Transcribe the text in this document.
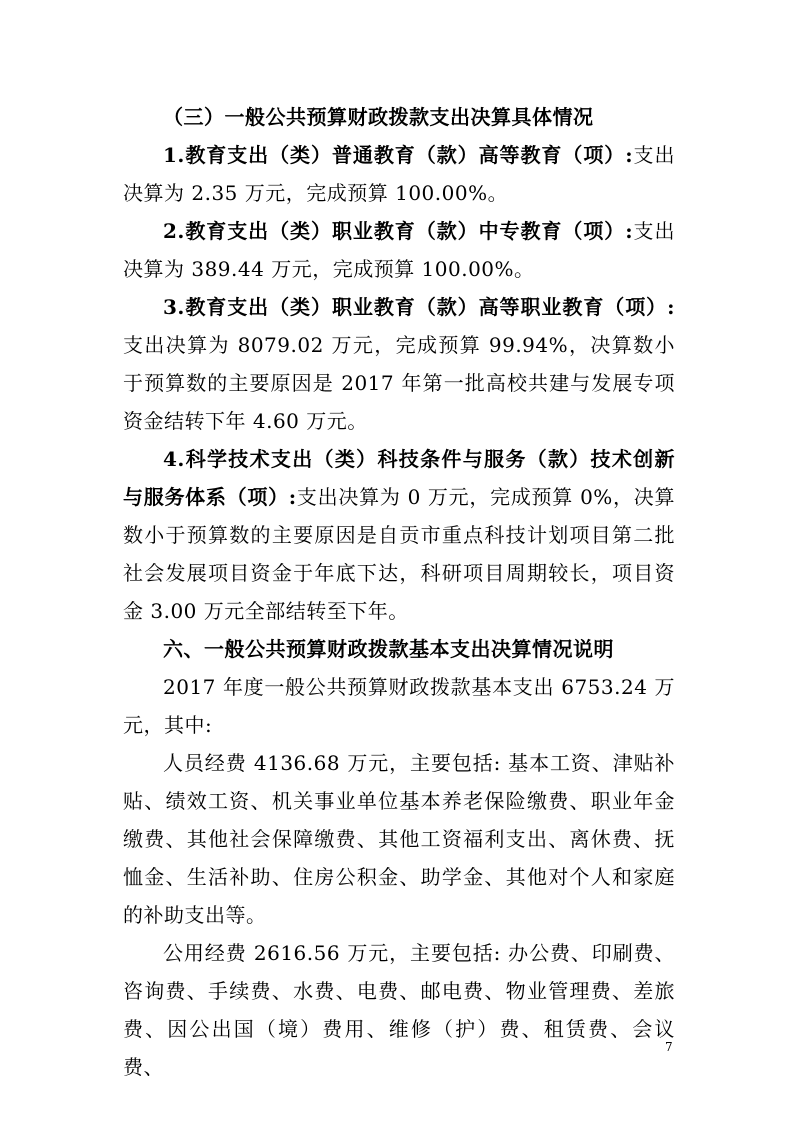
（三）一般公共预算财政拨款支出决算具体情况

1.教育支出（类）普通教育（款）高等教育（项）:支出决算为 2.35 万元，完成预算 100.00%。

2.教育支出（类）职业教育（款）中专教育（项）:支出决算为 389.44 万元，完成预算 100.00%。

3.教育支出（类）职业教育（款）高等职业教育（项）:支出决算为 8079.02 万元，完成预算 99.94%，决算数小于预算数的主要原因是 2017 年第一批高校共建与发展专项资金结转下年 4.60 万元。

4.科学技术支出（类）科技条件与服务（款）技术创新与服务体系（项）:支出决算为 0 万元，完成预算 0%，决算数小于预算数的主要原因是自贡市重点科技计划项目第二批社会发展项目资金于年底下达，科研项目周期较长，项目资金 3.00 万元全部结转至下年。

六、一般公共预算财政拨款基本支出决算情况说明

2017 年度一般公共预算财政拨款基本支出 6753.24 万元，其中:

人员经费 4136.68 万元，主要包括: 基本工资、津贴补贴、绩效工资、机关事业单位基本养老保险缴费、职业年金缴费、其他社会保障缴费、其他工资福利支出、离休费、抚恤金、生活补助、住房公积金、助学金、其他对个人和家庭的补助支出等。

公用经费 2616.56 万元，主要包括: 办公费、印刷费、咨询费、手续费、水费、电费、邮电费、物业管理费、差旅费、因公出国（境）费用、维修（护）费、租赁费、会议费、

7
